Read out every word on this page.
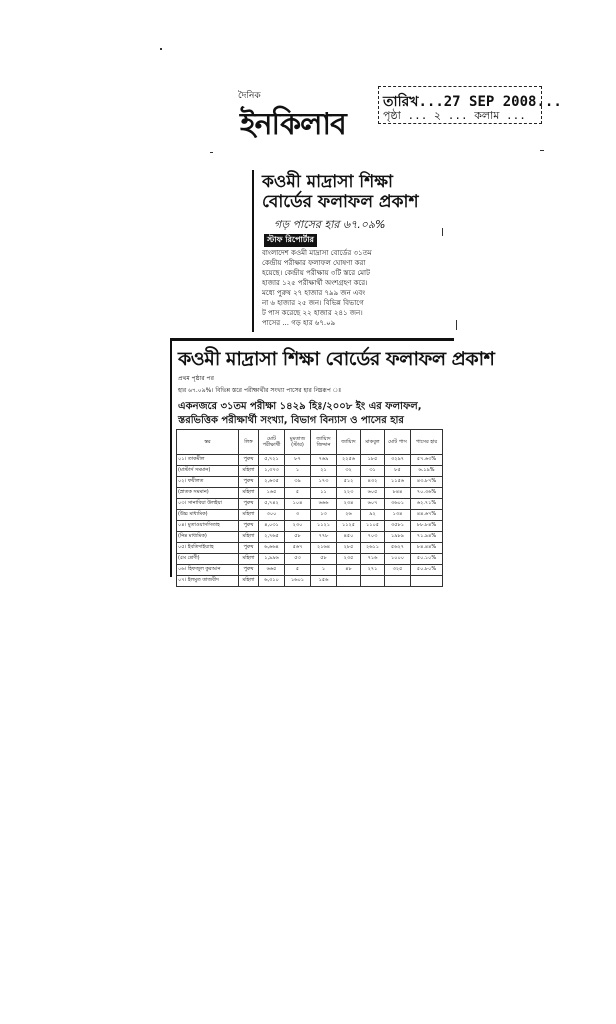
দৈনিক
ইনকিলাব
তারিখ...27 SEP 2008...
পৃষ্ঠা ... ২ ... কলাম ...
কওমী মাদ্রাসা শিক্ষা বোর্ডের ফলাফল প্রকাশ
গড় পাসের হার ৬৭.০৯%
স্টাফ রিপোর্টার

বাংলাদেশ কওমী মাদ্রাসা বোর্ডের ৩১তম

কেন্দ্রীয় পরীক্ষার ফলাফল ঘোষণা করা

হয়েছে। কেন্দ্রীয় পরীক্ষায় ৩টি স্তরে মোট

হাজার ১২৫ পরীক্ষার্থী অংশগ্রহণ করে।

মধ্যে পুরুষ ২৭ হাজার ৭৯৯ জন এবং

না ৬ হাজার ২৫ জন। বিভিন্ন বিভাগে

ট পাস করেছে ২২ হাজার ২৪১ জন।

পাসের ... গড় হার ৬৭.০৯

কওমী মাদ্রাসা শিক্ষা বোর্ডের ফলাফল প্রকাশ
প্রথম পৃষ্ঠার পর
হার ৬৭.০৯%। বিভিন্ন স্তরে পরীক্ষার্থীর সংখ্যা পাসের হার নিম্নরূপ ঃ
একনজরে ৩১তম পরীক্ষা ১৪২৯ হিঃ/২০০৮ ইং এর ফলাফল,
স্তরভিত্তিক পরীক্ষার্থী সংখ্যা, বিভাগ বিন্যাস ও পাসের হার
স্তর	লিঙ্গ	মোট পরীক্ষার্থী	মুমতাজ (স্টার)	জায়্যিদ জিদ্দান	জায়্যিদ	মাকবুল	মোট পাস	পাসের হার
০১। তাকমীল	পুরুষ	৫,৭২১	৮৭	৭৬৯	২২৫৬	১৮৫	৩২৯৭	৫৭.৬৩%
(মাস্টার্স সমমান)	মহিলা	১,৩৭৩	১	২১	৩২	৩১	৮৫	৬.১৯%
০২। ফযীলত	পুরুষ	২,৬৩৫	৩৯	১৭৩	৫১২	৪৩২	১১৫৬	৪৩.৮৭%
(স্নাতক সমমান)	মহিলা	১৬৫	৫	১১	২২৩	৬০৫	৮৪৪	৭০.৩৬%
০৩। সানাবিয়া উলইয়া	পুরুষ	৫,৭৪২	১০৪	৬৬৬	২৩৪	৬০৭	৩৬০১	৬২.৭১%
(উচ্চ মাধ্যমিক)	মহিলা	৩০০	৩	১৩	২৬	৯২	১৩৪	৪৪.৬৭%
০৪। মুতাওয়াসসিতাহ	পুরুষ	৪,০৩১	২৩০	১১২১	১১২৫	১১০৫	৩৫৮১	৮৮.৮৪%
(নিম্ন মাধ্যমিক)	মহিলা	২,৭৬৫	৫৮	৭৭৮	৪৫০	৭০৩	১৯৮৯	৭১.৯৪%
০৫। ইবতিদাইয়্যাহ	পুরুষ	৬,৬৬৪	৫৬৭	২১৬৪	২৮৫	২৬১১	৫৬২৭	৮৪.৪৪%
(৫ম শ্রেণী)	মহিলা	১,৯৯৬	৫৩	৫৮	২৩৫	৭১৬	১০০০	৫০.১০%
০৬। হিফজুল কুরআন	পুরুষ	৬৬৫	৫	১	৪৮	২৭১	৩২৫	৫০.৮০%
০৭। ইলমুত তাজবীদ	মহিলা	৬,৩১০	১৬০১	১৫৬				
